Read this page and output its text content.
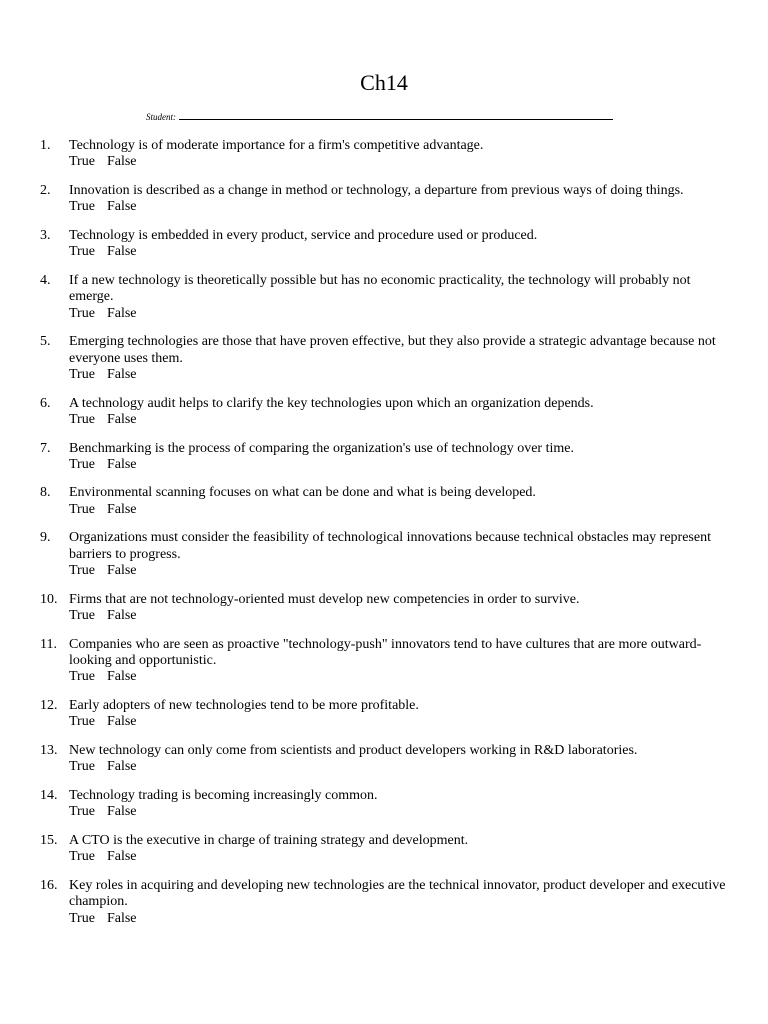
Ch14
Student:
1.	Technology is of moderate importance for a firm's competitive advantage.
True False
2.	Innovation is described as a change in method or technology, a departure from previous ways of doing things.
True False
3.	Technology is embedded in every product, service and procedure used or produced.
True False
4.	If a new technology is theoretically possible but has no economic practicality, the technology will probably not emerge.
True False
5.	Emerging technologies are those that have proven effective, but they also provide a strategic advantage because not everyone uses them.
True False
6.	A technology audit helps to clarify the key technologies upon which an organization depends.
True False
7.	Benchmarking is the process of comparing the organization's use of technology over time.
True False
8.	Environmental scanning focuses on what can be done and what is being developed.
True False
9.	Organizations must consider the feasibility of technological innovations because technical obstacles may represent barriers to progress.
True False
10. Firms that are not technology-oriented must develop new competencies in order to survive.
True False
11. Companies who are seen as proactive "technology-push" innovators tend to have cultures that are more outward-looking and opportunistic.
True False
12. Early adopters of new technologies tend to be more profitable.
True False
13. New technology can only come from scientists and product developers working in R&D laboratories.
True False
14. Technology trading is becoming increasingly common.
True False
15. A CTO is the executive in charge of training strategy and development.
True False
16. Key roles in acquiring and developing new technologies are the technical innovator, product developer and executive champion.
True False
